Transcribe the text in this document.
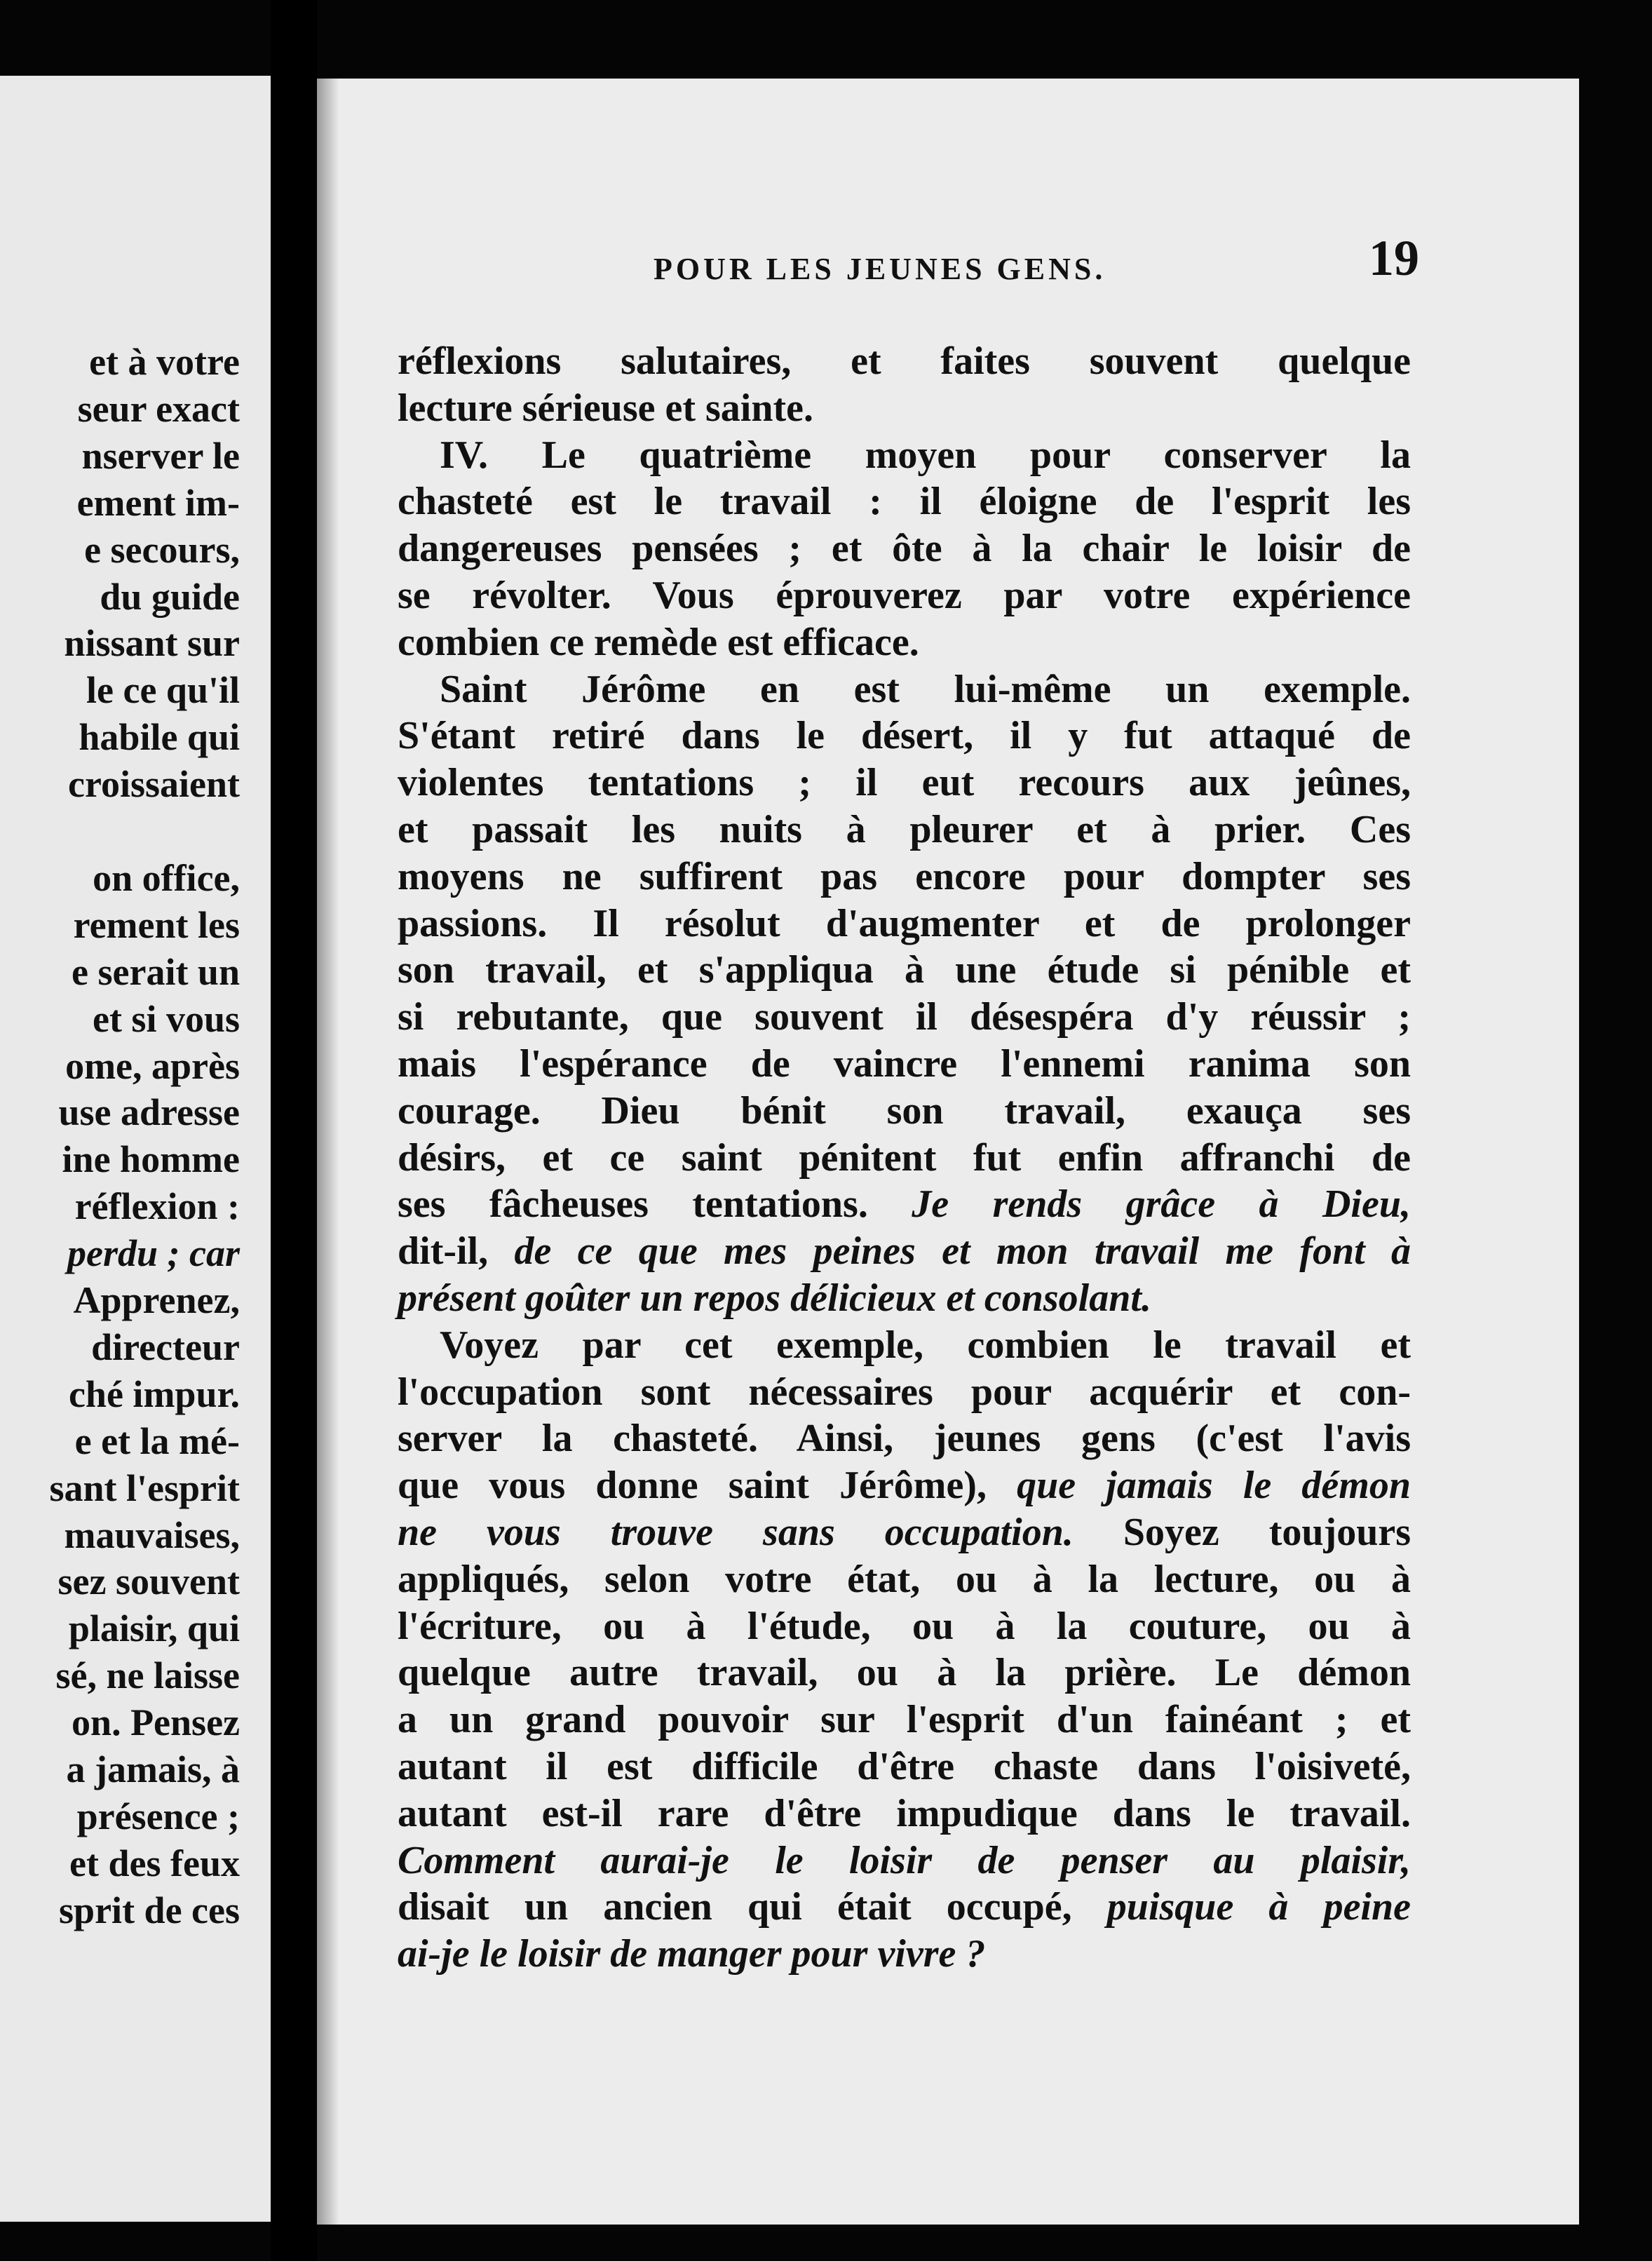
et à votre
seur exact
nserver le
ement im-
e secours,
du guide
nissant sur
le ce qu'il
habile qui
croissaient
on office,
rement les
e serait un
et si vous
ome, après
use adresse
ine homme
réflexion :
perdu ; car
Apprenez,
directeur
ché impur.
e et la mé-
sant l'esprit
mauvaises,
sez souvent
plaisir, qui
sé, ne laisse
on. Pensez
a jamais, à
présence ;
et des feux
sprit de ces
POUR LES JEUNES GENS.	19
réflexions salutaires, et faites souvent quelque
lecture sérieuse et sainte.
IV. Le quatrième moyen pour conserver la
chasteté est le travail : il éloigne de l'esprit les
dangereuses pensées ; et ôte à la chair le loisir de
se révolter. Vous éprouverez par votre expérience
combien ce remède est efficace.
Saint Jérôme en est lui-même un exemple.
S'étant retiré dans le désert, il y fut attaqué de
violentes tentations ; il eut recours aux jeûnes,
et passait les nuits à pleurer et à prier. Ces
moyens ne suffirent pas encore pour dompter ses
passions. Il résolut d'augmenter et de prolonger
son travail, et s'appliqua à une étude si pénible et
si rebutante, que souvent il désespéra d'y réussir ;
mais l'espérance de vaincre l'ennemi ranima son
courage. Dieu bénit son travail, exauça ses
désirs, et ce saint pénitent fut enfin affranchi de
ses fâcheuses tentations. Je rends grâce à Dieu,
dit-il, de ce que mes peines et mon travail me font à
présent goûter un repos délicieux et consolant.
Voyez par cet exemple, combien le travail et
l'occupation sont nécessaires pour acquérir et con-
server la chasteté. Ainsi, jeunes gens (c'est l'avis
que vous donne saint Jérôme), que jamais le démon
ne vous trouve sans occupation. Soyez toujours
appliqués, selon votre état, ou à la lecture, ou à
l'écriture, ou à l'étude, ou à la couture, ou à
quelque autre travail, ou à la prière. Le démon
a un grand pouvoir sur l'esprit d'un fainéant ; et
autant il est difficile d'être chaste dans l'oisiveté,
autant est-il rare d'être impudique dans le travail.
Comment aurai-je le loisir de penser au plaisir,
disait un ancien qui était occupé, puisque à peine
ai-je le loisir de manger pour vivre ?
